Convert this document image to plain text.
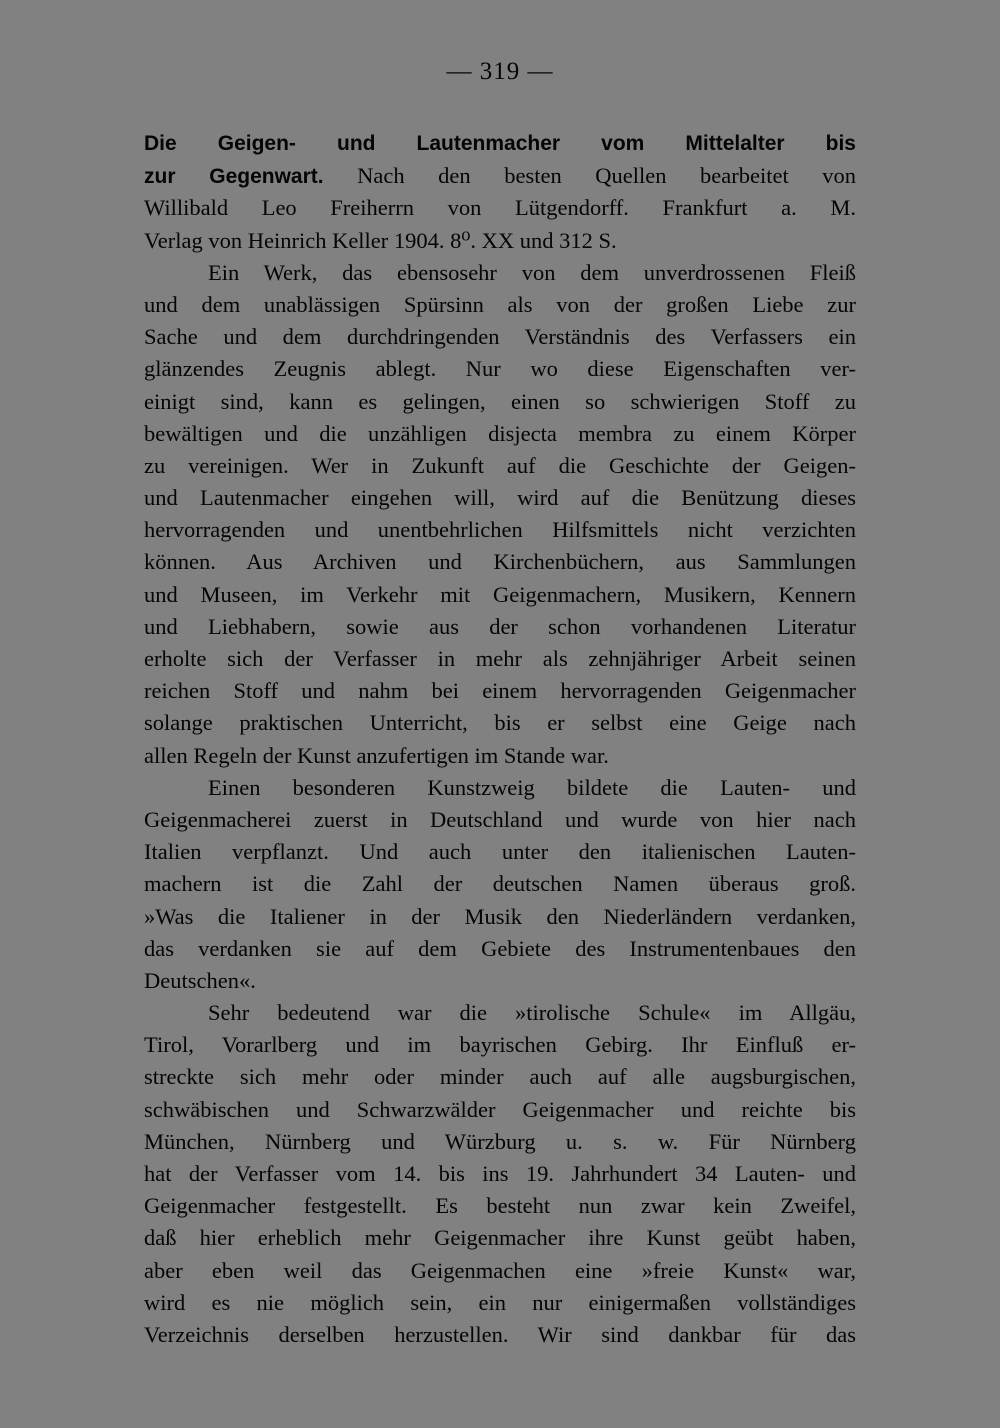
— 319 —
Die Geigen- und Lautenmacher vom Mittelalter bis
zur Gegenwart. Nach den besten Quellen bearbeitet von
Willibald Leo Freiherrn von Lütgendorff. Frankfurt a. M.
Verlag von Heinrich Keller 1904. 8⁰. XX und 312 S.
Ein Werk, das ebensosehr von dem unverdrossenen Fleiß
und dem unablässigen Spürsinn als von der großen Liebe zur
Sache und dem durchdringenden Verständnis des Verfassers ein
glänzendes Zeugnis ablegt. Nur wo diese Eigenschaften ver-
einigt sind, kann es gelingen, einen so schwierigen Stoff zu
bewältigen und die unzähligen disjecta membra zu einem Körper
zu vereinigen. Wer in Zukunft auf die Geschichte der Geigen-
und Lautenmacher eingehen will, wird auf die Benützung dieses
hervorragenden und unentbehrlichen Hilfsmittels nicht verzichten
können. Aus Archiven und Kirchenbüchern, aus Sammlungen
und Museen, im Verkehr mit Geigenmachern, Musikern, Kennern
und Liebhabern, sowie aus der schon vorhandenen Literatur
erholte sich der Verfasser in mehr als zehnjähriger Arbeit seinen
reichen Stoff und nahm bei einem hervorragenden Geigenmacher
solange praktischen Unterricht, bis er selbst eine Geige nach
allen Regeln der Kunst anzufertigen im Stande war.
Einen besonderen Kunstzweig bildete die Lauten- und
Geigenmacherei zuerst in Deutschland und wurde von hier nach
Italien verpflanzt. Und auch unter den italienischen Lauten-
machern ist die Zahl der deutschen Namen überaus groß.
»Was die Italiener in der Musik den Niederländern verdanken,
das verdanken sie auf dem Gebiete des Instrumentenbaues den
Deutschen«.
Sehr bedeutend war die »tirolische Schule« im Allgäu,
Tirol, Vorarlberg und im bayrischen Gebirg. Ihr Einfluß er-
streckte sich mehr oder minder auch auf alle augsburgischen,
schwäbischen und Schwarzwälder Geigenmacher und reichte bis
München, Nürnberg und Würzburg u. s. w. Für Nürnberg
hat der Verfasser vom 14. bis ins 19. Jahrhundert 34 Lauten- und
Geigenmacher festgestellt. Es besteht nun zwar kein Zweifel,
daß hier erheblich mehr Geigenmacher ihre Kunst geübt haben,
aber eben weil das Geigenmachen eine »freie Kunst« war,
wird es nie möglich sein, ein nur einigermaßen vollständiges
Verzeichnis derselben herzustellen. Wir sind dankbar für das
